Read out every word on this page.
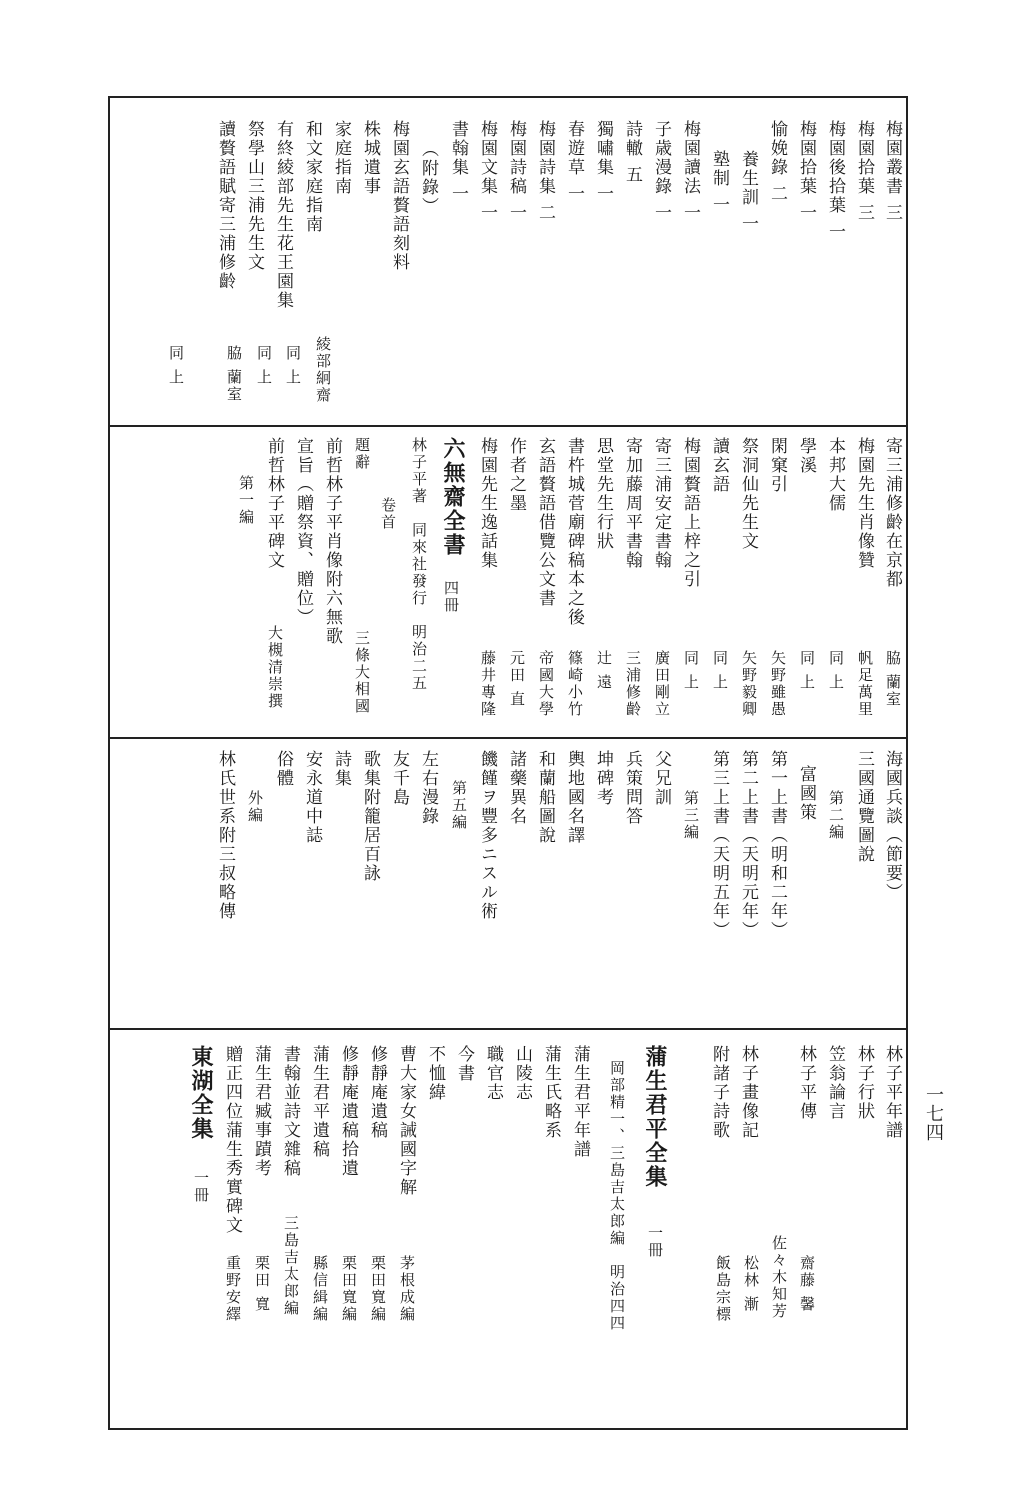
一七四
梅園叢書 三
梅園拾葉 三
梅園後拾葉 一
梅園拾葉 一
愉娩錄 二
養生訓 一
塾制 一
梅園讀法 一
子歳漫錄 一
詩轍 五
獨嘯集 一
春遊草 一
梅園詩集 二
梅園詩稿 一
梅園文集 一
書翰集 一
（附錄）
梅園玄語贅語刻料
株城遺事
家庭指南
和文家庭指南
有終綾部先生花王園集
祭學山三浦先生文
讀贅語賦寄三浦修齡
綾部絅齋
同 上
同 上
脇 蘭室
同 上
寄三浦修齡在京都
梅園先生肖像贊
本邦大儒
學溪
閑窠引
祭洞仙先生文
讀玄語
梅園贅語上梓之引
寄三浦安定書翰
寄加藤周平書翰
思堂先生行狀
書杵城菅廟碑稿本之後
玄語贅語借覽公文書
作者之墨
梅園先生逸話集
脇 蘭室
帆足萬里
同 上
同 上
矢野雖愚
矢野毅卿
同 上
同 上
廣田剛立
三浦修齡
辻 遠
篠崎小竹
帝國大學
元田 直
藤井專隆
六無齋全書
四冊
林子平著　同來社發行　明治二五
卷首
題辭
三條大相國
前哲林子平肖像附六無歌
宣旨（贈祭資、贈位）
前哲林子平碑文
大槻清崇撰
第一編
海國兵談（節要）
三國通覽圖說
第二編
富國策
第一上書（明和二年）
第二上書（天明元年）
第三上書（天明五年）
第三編
父兄訓
兵策問答
坤碑考
輿地國名譯
和蘭船圖說
諸藥異名
饑饉ヲ豐多ニスル術
第五編
左右漫錄
友千島
歌集附籠居百詠
詩集
安永道中誌
俗體
外編
林氏世系附三叔略傳
林子平年譜
林子行狀
笠翁論言
林子平傳
林子畫像記
附諸子詩歌
齋藤 馨
佐々木知芳
松林 漸
飯島宗標
蒲生君平全集
一冊
岡部精一、三島吉太郎編　明治四四
蒲生君平年譜
蒲生氏略系
山陵志
職官志
今書
不恤緯
曹大家女誡國字解
修靜庵遺稿
修靜庵遺稿拾遺
蒲生君平遺稿
書翰並詩文雜稿
蒲生君臧事蹟考
贈正四位蒲生秀實碑文
茅根成編
栗田寬編
栗田寬編
縣信緝編
三島吉太郎編
栗田 寬
重野安繹
東湖全集
一冊
